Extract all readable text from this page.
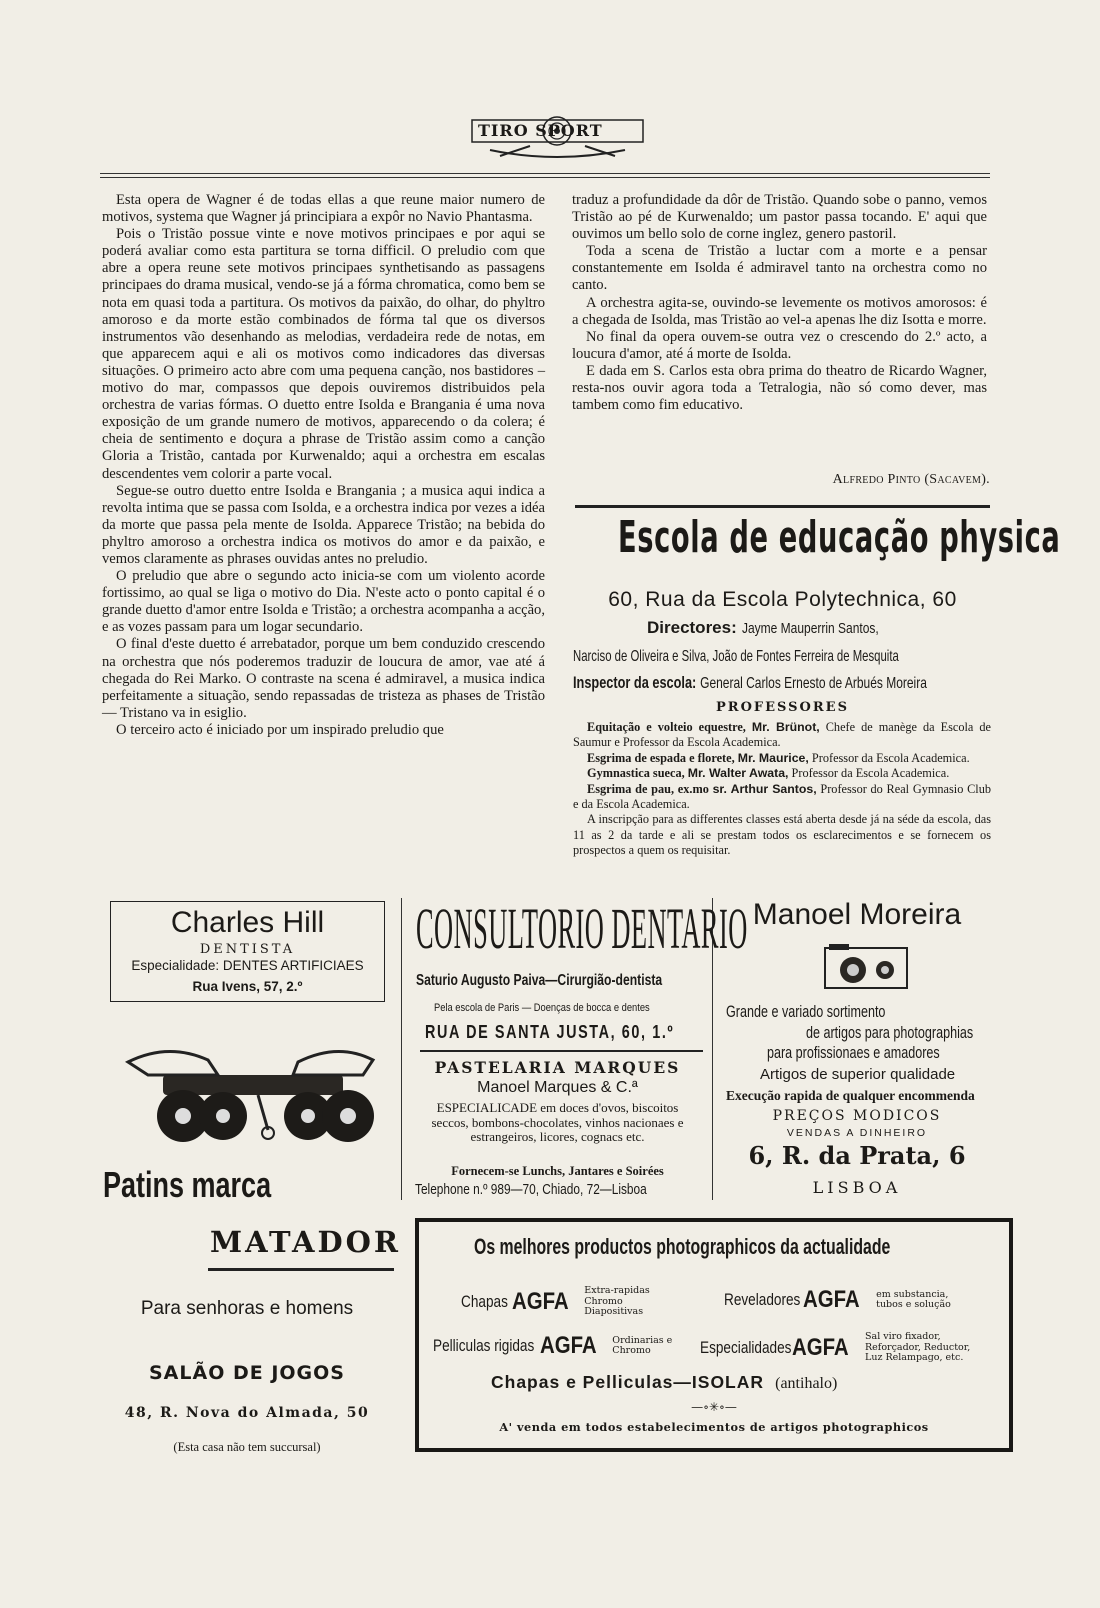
TIRO SPORT

Esta opera de Wagner é de todas ellas a que reune maior numero de motivos, systema que Wagner já principiara a expôr no Navio Phantasma.

Pois o Tristão possue vinte e nove motivos principaes e por aqui se poderá avaliar como esta partitura se torna difficil. O preludio com que abre a opera reune sete motivos principaes synthetisando as passagens principaes do drama musical, vendo-se já a fórma chromatica, como bem se nota em quasi toda a partitura. Os motivos da paixão, do olhar, do phyltro amoroso e da morte estão combinados de fórma tal que os diversos instrumentos vão desenhando as melodias, verdadeira rede de notas, em que apparecem aqui e ali os motivos como indicadores das diversas situações. O primeiro acto abre com uma pequena canção, nos bastidores – motivo do mar, compassos que depois ouviremos distribuidos pela orchestra de varias fórmas. O duetto entre Isolda e Brangania é uma nova exposição de um grande numero de motivos, apparecendo o da colera; é cheia de sentimento e doçura a phrase de Tristão assim como a canção Gloria a Tristão, cantada por Kurwenaldo; aqui a orchestra em escalas descendentes vem colorir a parte vocal.

Segue-se outro duetto entre Isolda e Brangania ; a musica aqui indica a revolta intima que se passa com Isolda, e a orchestra indica por vezes a idéa da morte que passa pela mente de Isolda. Apparece Tristão; na bebida do phyltro amoroso a orchestra indica os motivos do amor e da paixão, e vemos claramente as phrases ouvidas antes no preludio.

O preludio que abre o segundo acto inicia-se com um violento acorde fortissimo, ao qual se liga o motivo do Dia. N'este acto o ponto capital é o grande duetto d'amor entre Isolda e Tristão; a orchestra acompanha a acção, e as vozes passam para um logar secundario.

O final d'este duetto é arrebatador, porque um bem conduzido crescendo na orchestra que nós poderemos traduzir de loucura de amor, vae até á chegada do Rei Marko. O contraste na scena é admiravel, a musica indica perfeitamente a situação, sendo repassadas de tristeza as phases de Tristão — Tristano va in esiglio.

O terceiro acto é iniciado por um inspirado preludio que

traduz a profundidade da dôr de Tristão. Quando sobe o panno, vemos Tristão ao pé de Kurwenaldo; um pastor passa tocando. E' aqui que ouvimos um bello solo de corne inglez, genero pastoril.

Toda a scena de Tristão a luctar com a morte e a pensar constantemente em Isolda é admiravel tanto na orchestra como no canto.

A orchestra agita-se, ouvindo-se levemente os motivos amorosos: é a chegada de Isolda, mas Tristão ao vel-a apenas lhe diz Isotta e morre.

No final da opera ouvem-se outra vez o crescendo do 2.º acto, a loucura d'amor, até á morte de Isolda.

E dada em S. Carlos esta obra prima do theatro de Ricardo Wagner, resta-nos ouvir agora toda a Tetralogia, não só como dever, mas tambem como fim educativo.

Alfredo Pinto (Sacavem).
Escola de educação physica
60, Rua da Escola Polytechnica, 60
Directores: Jayme Mauperrin Santos,
Narciso de Oliveira e Silva, João de Fontes Ferreira de Mesquita
Inspector da escola: General Carlos Ernesto de Arbués Moreira
PROFESSORES

Equitação e volteio equestre, Mr. Brünot, Chefe de manège da Escola de Saumur e Professor da Escola Academica.

Esgrima de espada e florete, Mr. Maurice, Professor da Escola Academica.

Gymnastica sueca, Mr. Walter Awata, Professor da Escola Academica.

Esgrima de pau, ex.mo sr. Arthur Santos, Professor do Real Gymnasio Club e da Escola Academica.

A inscripção para as differentes classes está aberta desde já na séde da escola, das 11 as 2 da tarde e ali se prestam todos os esclarecimentos e se fornecem os prospectos a quem os requisitar.

Charles Hill
DENTISTA
Especialidade: DENTES ARTIFICIAES
Rua Ivens, 57, 2.º
Patins marca
MATADOR
Para senhoras e homens
SALÃO DE JOGOS
48, R. Nova do Almada, 50
(Esta casa não tem succursal)
CONSULTORIO DENTARIO
Saturio Augusto Paiva—Cirurgião-dentista
Pela escola de Paris — Doenças de bocca e dentes
RUA DE SANTA JUSTA, 60, 1.º
PASTELARIA MARQUES
Manoel Marques & C.ª
ESPECIALICADE em doces d'ovos, biscoitos seccos, bombons-chocolates, vinhos nacionaes e estrangeiros, licores, cognacs etc.
Fornecem-se Lunchs, Jantares e Soirées
Telephone n.º 989—70, Chiado, 72—Lisboa
Manoel Moreira
Grande e variado sortimento
de artigos para photographias
para profissionaes e amadores
Artigos de superior qualidade
Execução rapida de qualquer encommenda
PREÇOS MODICOS
VENDAS A DINHEIRO
6, R. da Prata, 6
LISBOA
Os melhores productos photographicos da actualidade
Chapas AGFA Extra-rapidas Chromo Diapositivas
Reveladores AGFA em substancia, tubos e solução
Pelliculas rigidas AGFA Ordinarias e Chromo	Especialidades AGFA Sal viro fixador, Reforçador, Reductor, Luz Relampago, etc.
Chapas e Pelliculas—ISOLAR (antihalo)
—∘✳∘—
A' venda em todos estabelecimentos de artigos photographicos
